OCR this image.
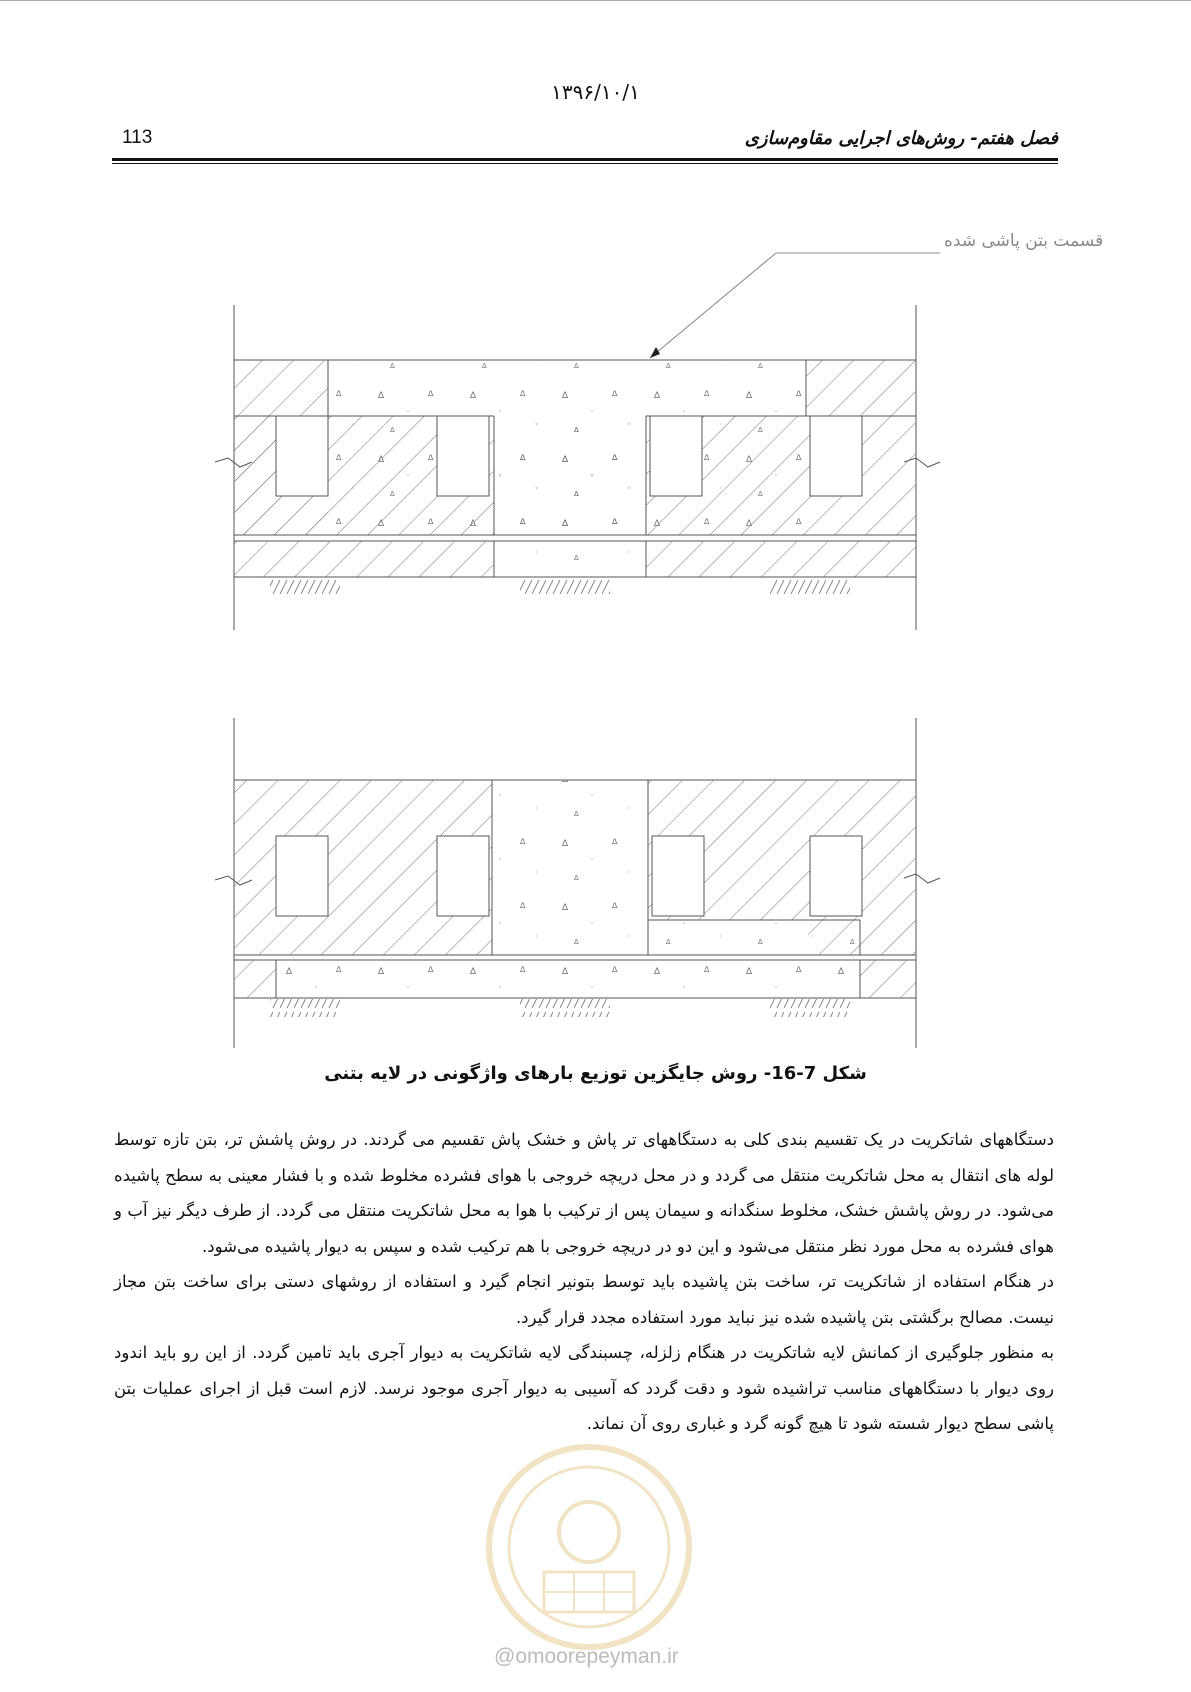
۱۳۹۶/۱۰/۱
113	فصل هفتم- روش‌های اجرایی مقاوم‌سازی
∆
◦
∆
∆
◦
قسمت بتن پاشی شده
شکل 7-16- روش جایگزین توزیع بارهای واژگونی در لایه بتنی

دستگاههای شاتکریت در یک تقسیم بندی کلی به دستگاههای تر پاش و خشک پاش تقسیم می گردند. در روش پاشش تر، بتن تازه توسط لوله های انتقال به محل شاتکریت منتقل می گردد و در محل دریچه خروجی با هوای فشرده مخلوط شده و با فشار معینی به سطح پاشیده می‌شود. در روش پاشش خشک، مخلوط سنگدانه و سیمان پس از ترکیب با هوا به محل شاتکریت منتقل می گردد. از طرف دیگر نیز آب و هوای فشرده به محل مورد نظر منتقل می‌شود و این دو در دریچه خروجی با هم ترکیب شده و سپس به دیوار پاشیده می‌شود.

در هنگام استفاده از شاتکریت تر، ساخت بتن پاشیده باید توسط بتونیر انجام گیرد و استفاده از روشهای دستی برای ساخت بتن مجاز نیست. مصالح برگشتی بتن پاشیده شده نیز نباید مورد استفاده مجدد قرار گیرد.

به منظور جلوگیری از کمانش لایه شاتکریت در هنگام زلزله، چسبندگی لایه شاتکریت به دیوار آجری باید تامین گردد. از این رو باید اندود روی دیوار با دستگاههای مناسب تراشیده شود و دقت گردد که آسیبی به دیوار آجری موجود نرسد. لازم است قبل از اجرای عملیات بتن پاشی سطح دیوار شسته شود تا هیچ گونه گرد و غباری روی آن نماند.

@omoorepeyman.ir
